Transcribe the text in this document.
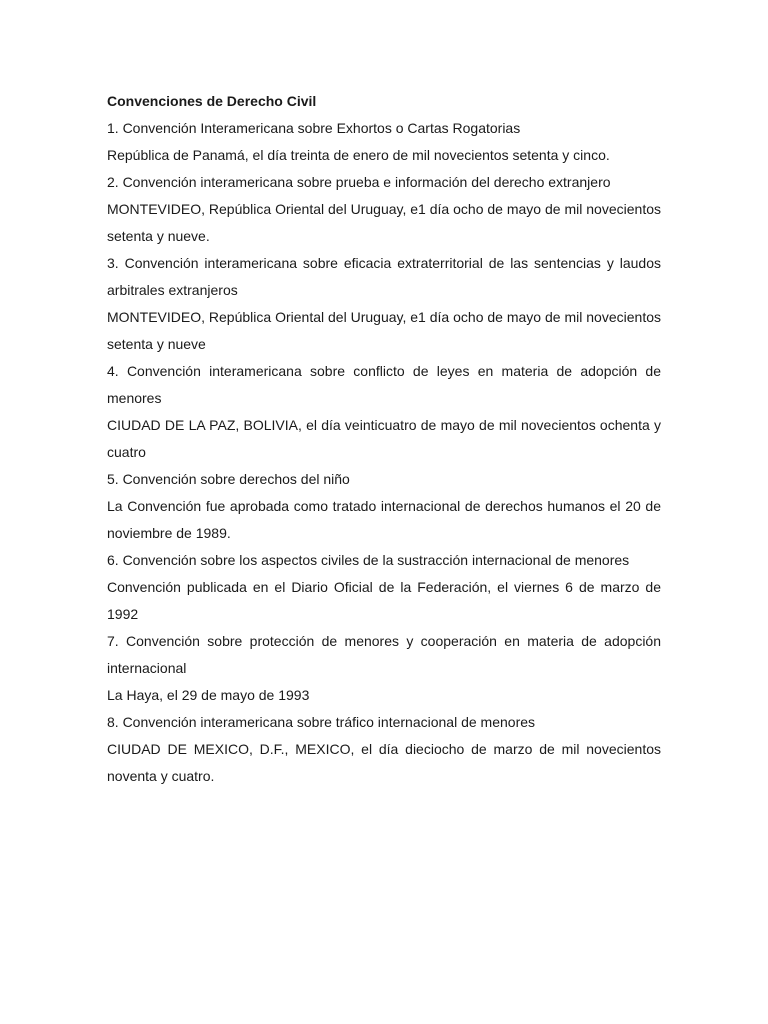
Convenciones de Derecho Civil

1. Convención Interamericana sobre Exhortos o Cartas Rogatorias

República de Panamá, el día treinta de enero de mil novecientos setenta y cinco.

2. Convención interamericana sobre prueba e información del derecho extranjero

MONTEVIDEO, República Oriental del Uruguay, e1 día ocho de mayo de mil novecientos setenta y nueve.

3. Convención interamericana sobre eficacia extraterritorial de las sentencias y laudos arbitrales extranjeros

MONTEVIDEO, República Oriental del Uruguay, e1 día ocho de mayo de mil novecientos setenta y nueve

4. Convención interamericana sobre conflicto de leyes en materia de adopción de menores

CIUDAD DE LA PAZ, BOLIVIA, el día veinticuatro de mayo de mil novecientos ochenta y cuatro

5. Convención sobre derechos del niño

La Convención fue aprobada como tratado internacional de derechos humanos el 20 de noviembre de 1989.

6. Convención sobre los aspectos civiles de la sustracción internacional de menores

Convención publicada en el Diario Oficial de la Federación, el viernes 6 de marzo de 1992

7. Convención sobre protección de menores y cooperación en materia de adopción internacional

La Haya, el 29 de mayo de 1993

8. Convención interamericana sobre tráfico internacional de menores

CIUDAD DE MEXICO, D.F., MEXICO, el día dieciocho de marzo de mil novecientos noventa y cuatro.
